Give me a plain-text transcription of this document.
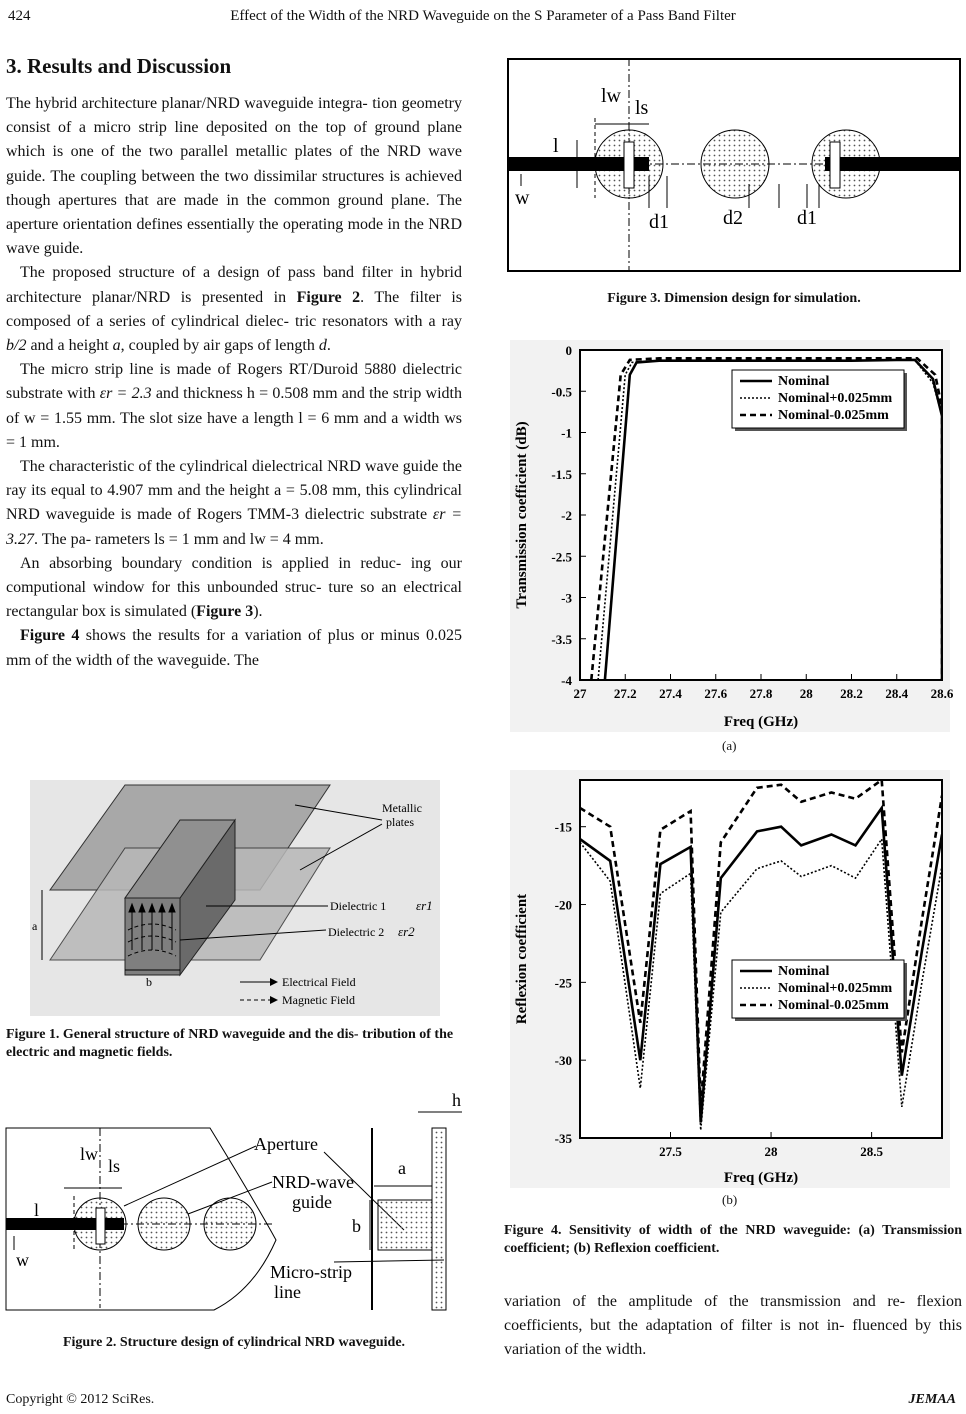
424	Effect of the Width of the NRD Waveguide on the S Parameter of a Pass Band Filter
3. Results and Discussion

The hybrid architecture planar/NRD waveguide integra- tion geometry consist of a micro strip line deposited on the top of ground plane which is one of the two parallel metallic plates of the NRD wave guide. The coupling between the two dissimilar structures is achieved though apertures that are made in the common ground plane. The aperture orientation defines essentially the operating mode in the NRD wave guide.

The proposed structure of a design of pass band filter in hybrid architecture planar/NRD is presented in Figure 2. The filter is composed of a series of cylindrical dielec- tric resonators with a ray b/2 and a height a, coupled by air gaps of length d.

The micro strip line is made of Rogers RT/Duroid 5880 dielectric substrate with εr = 2.3 and thickness h = 0.508 mm and the strip width of w = 1.55 mm. The slot size have a length l = 6 mm and a width ws = 1 mm.

The characteristic of the cylindrical dielectrical NRD wave guide the ray its equal to 4.907 mm and the height a = 5.08 mm, this cylindrical NRD waveguide is made of Rogers TMM-3 dielectric substrate εr = 3.27. The pa- rameters ls = 1 mm and lw = 4 mm.

An absorbing boundary condition is applied in reduc- ing our computional window for this unbounded struc- ture so an electrical rectangular box is simulated (Figure 3).

Figure 4 shows the results for a variation of plus or minus 0.025 mm of the width of the waveguide. The

a
b
Metallic
plates
Dielectric 1 εr1
Dielectric 2 εr2
Electrical Field
Magnetic Field
Figure 1. General structure of NRD waveguide and the dis- tribution of the electric and magnetic fields.
lw
ls
l
w
Aperture
NRD-wave
guide
Micro-strip
line
h
a
b
Figure 2. Structure design of cylindrical NRD waveguide.
lw
ls
l
w
d1	d2	d1
Figure 3. Dimension design for simulation.
0
-0.5
-1
-1.5
-2
-2.5
-3
-3.5
-4
27 27.2 27.4 27.6 27.8 28 28.2 28.4 28.6
Freq (GHz)
Transmission coefficient (dB)
Nominal
Nominal+0.025mm
Nominal-0.025mm
(a)
-15
-20
-25
-30
-35
27.5	28	28.5
Freq (GHz)
Reflexion coefficient	Nominal
Nominal+0.025mm
Nominal-0.025mm
(b)
Figure 4. Sensitivity of width of the NRD waveguide: (a) Transmission coefficient; (b) Reflexion coefficient.

variation of the amplitude of the transmission and re- flexion coefficients, but the adaptation of filter is not in- fluenced by this variation of the width.

Copyright © 2012 SciRes.	JEMAA
